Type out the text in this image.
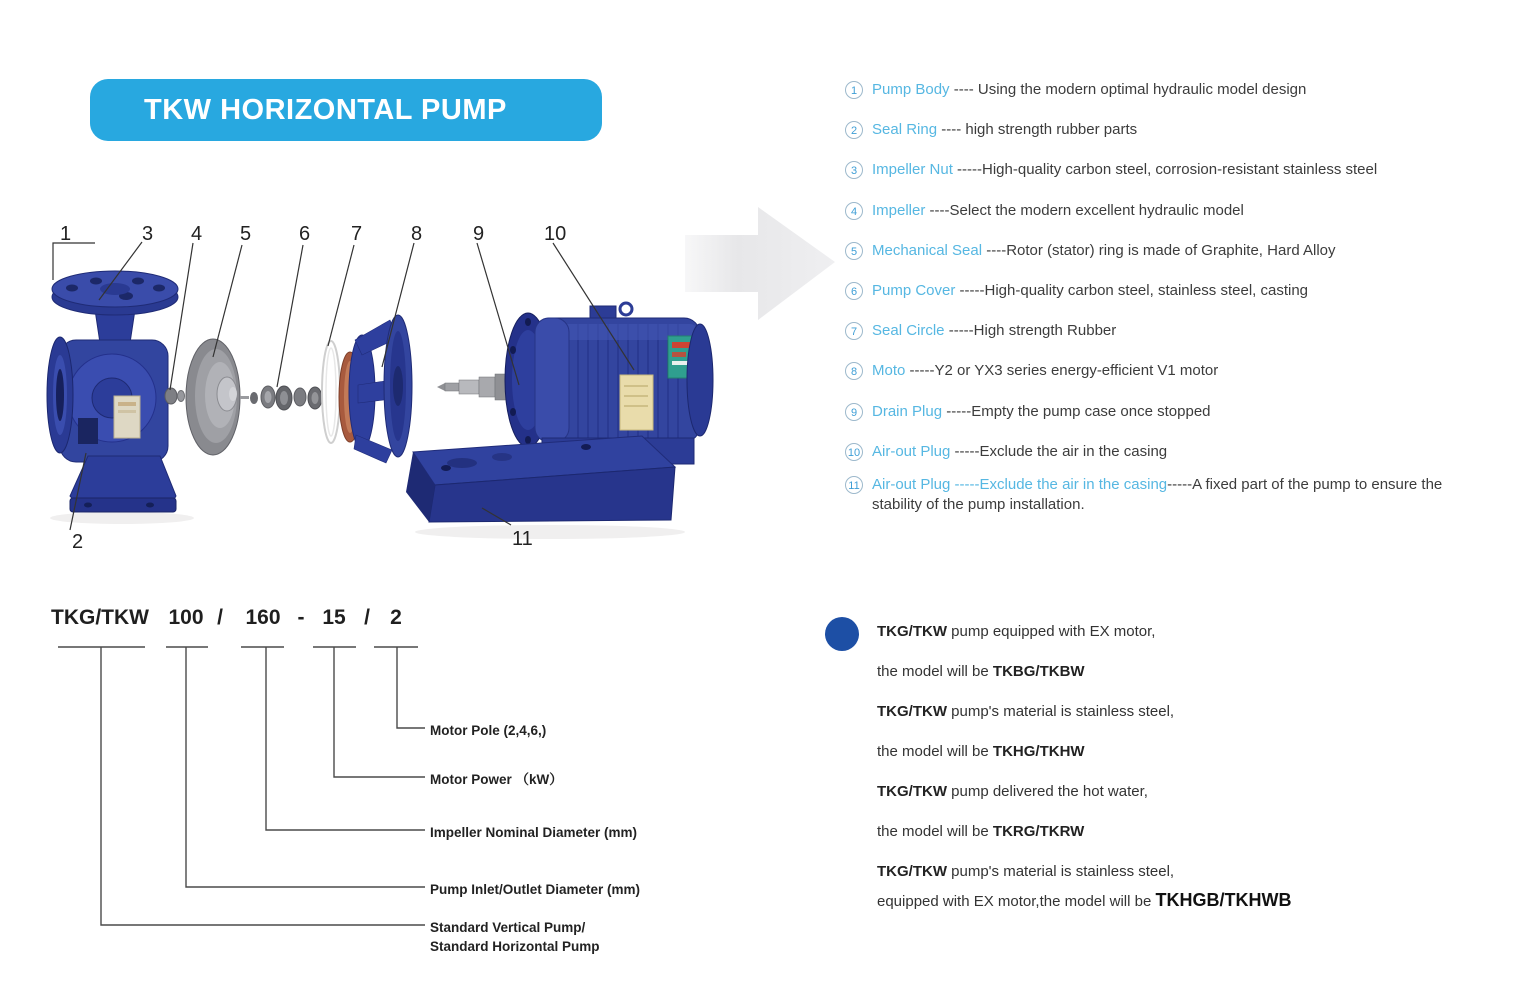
TKW HORIZONTAL PUMP
1	3 4 5 6 7 8	9	10
2	11
1 Pump Body ---- Using the modern optimal hydraulic model design
2 Seal Ring ---- high strength rubber parts
3 Impeller Nut -----High-quality carbon steel, corrosion-resistant stainless steel
4 Impeller ----Select the modern excellent hydraulic model
5 Mechanical Seal ----Rotor (stator) ring is made of Graphite, Hard Alloy
6 Pump Cover -----High-quality carbon steel, stainless steel, casting
7 Seal Circle -----High strength Rubber
8 Moto -----Y2 or YX3 series energy-efficient V1 motor
9 Drain Plug -----Empty the pump case once stopped
10 Air-out Plug -----Exclude the air in the casing
11 Air-out Plug -----Exclude the air in the casing-----A fixed part of the pump to ensure the stability of the pump installation.
TKG/TKW 100 / 160 - 15 / 2
Motor Pole (2,4,6,)
Motor Power （kW）
Impeller Nominal Diameter (mm)
Pump Inlet/Outlet Diameter (mm)
Standard Vertical Pump/
Standard Horizontal Pump
TKG/TKW pump equipped with EX motor,
the model will be TKBG/TKBW
TKG/TKW pump's material is stainless steel,
the model will be TKHG/TKHW
TKG/TKW pump delivered the hot water,
the model will be TKRG/TKRW
TKG/TKW pump's material is stainless steel,
equipped with EX motor,the model will be TKHGB/TKHWB
